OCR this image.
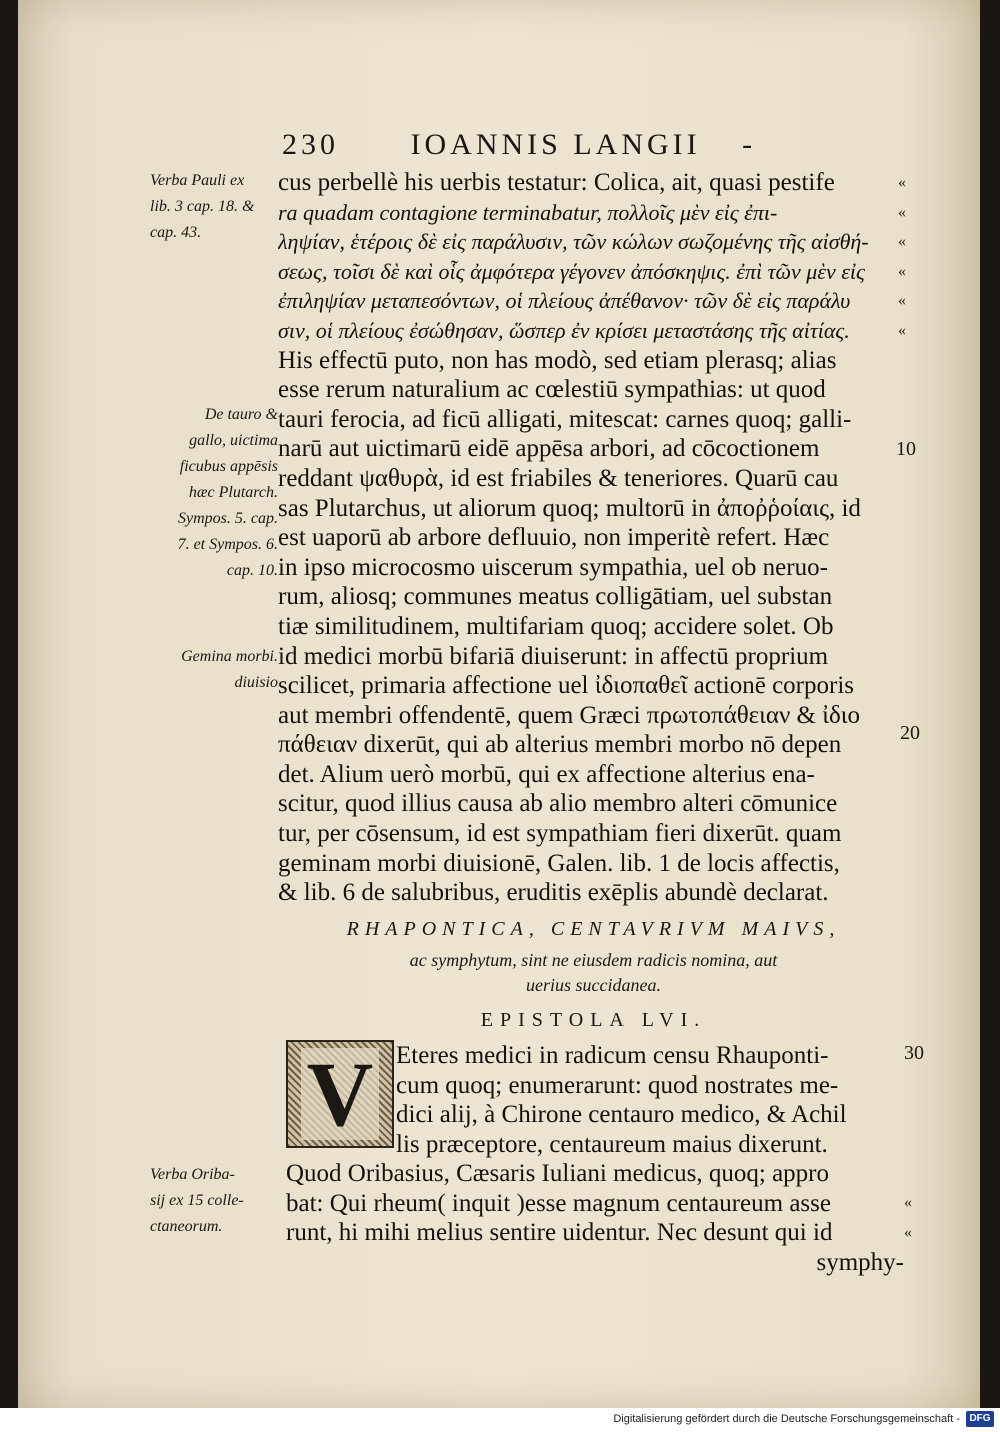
230 IOANNIS LANGII -
Verba Pauli ex
lib. 3 cap. 18. &
cap. 43.
De tauro &
gallo, uictima
ficubus appēsis
hæc Plutarch.
Sympos. 5. cap.
7. et Sympos. 6.
cap. 10.
Gemina morbi.
diuisio
Verba Oriba-
sij ex 15 colle-
ctaneorum.
cus perbellè his uerbis testatur: Colica, ait, quasi pestife
ra quadam contagione terminabatur, πολλοῖς μὲν εἰς ἐπι-
ληψίαν, ἑτέροις δὲ εἰς παράλυσιν, τῶν κώλων σωζομένης τῆς αἰσθή-
σεως, τοῖσι δὲ καὶ οἷς ἀμφότερα γέγονεν ἀπόσκηψις. ἐπὶ τῶν μὲν εἰς
ἐπιληψίαν μεταπεσόντων, οἱ πλείους ἀπέθανον· τῶν δὲ εἰς παράλυ
σιν, οἱ πλείους ἐσώθησαν, ὥσπερ ἐν κρίσει μεταστάσης τῆς αἰτίας.
His effectū puto, non has modò, sed etiam plerasq; alias
esse rerum naturalium ac cœlestiū sympathias: ut quod
tauri ferocia, ad ficū alligati, mitescat: carnes quoq; galli-
narū aut uictimarū eidē appēsa arbori, ad cōcoctionem
reddant ψαθυρὰ, id est friabiles & teneriores. Quarū cau
sas Plutarchus, ut aliorum quoq; multorū in ἀποῤῥοίαις, id
est uaporū ab arbore defluuio, non imperitè refert. Hæc
in ipso microcosmo uiscerum sympathia, uel ob neruo-
rum, aliosq; communes meatus colligātiam, uel substan
tiæ similitudinem, multifariam quoq; accidere solet. Ob
id medici morbū bifariā diuiserunt: in affectū proprium
scilicet, primaria affectione uel ἰδιοπαθεῖ actionē corporis
aut membri offendentē, quem Græci πρωτοπάθειαν & ἰδιο
πάθειαν dixerūt, qui ab alterius membri morbo nō depen
det. Alium uerò morbū, qui ex affectione alterius ena-
scitur, quod illius causa ab alio membro alteri cōmunice
tur, per cōsensum, id est sympathiam fieri dixerūt. quam
geminam morbi diuisionē, Galen. lib. 1 de locis affectis,
& lib. 6 de salubribus, eruditis exēplis abundè declarat.
«
«
«
«
«
«
«
«
10
20
30
RHAPONTICA, CENTAVRIVM MAIVS,
ac symphytum, sint ne eiusdem radicis nomina, aut
uerius succidanea.
EPISTOLA LVI.
V Eteres medici in radicum censu Rhauponti-
cum quoq; enumerarunt: quod nostrates me-
dici alij, à Chirone centauro medico, & Achil
lis præceptore, centaureum maius dixerunt.
Quod Oribasius, Cæsaris Iuliani medicus, quoq; appro
bat: Qui rheum( inquit )esse magnum centaureum asse
runt, hi mihi melius sentire uidentur. Nec desunt qui id
symphy-
Digitalisierung gefördert durch die Deutsche Forschungsgemeinschaft - DFG
